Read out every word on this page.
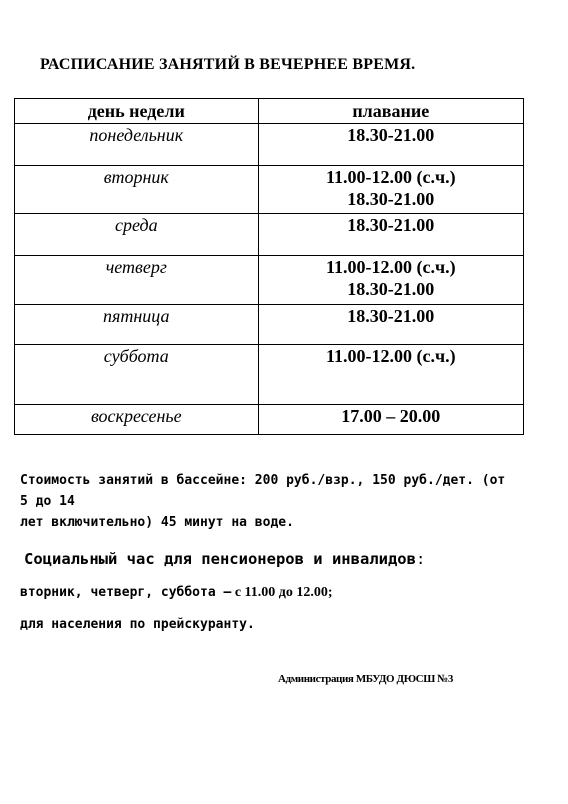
РАСПИСАНИЕ ЗАНЯТИЙ В ВЕЧЕРНЕЕ ВРЕМЯ.
день недели	плавание
понедельник	18.30-21.00

вторник	11.00-12.00 (с.ч.)
18.30-21.00

среда	18.30-21.00

четверг	11.00-12.00 (с.ч.)
18.30-21.00

пятница	18.30-21.00

суббота	11.00-12.00 (с.ч.)

воскресенье	17.00 – 20.00
Стоимость занятий в бассейне: 200 руб./взр., 150 руб./дет. (от 5 до 14
лет включительно) 45 минут на воде.
Социальный час для пенсионеров и инвалидов:
вторник, четверг, суббота – с 11.00 до 12.00;
для населения по прейскуранту.
Администрация МБУДО ДЮСШ №3
